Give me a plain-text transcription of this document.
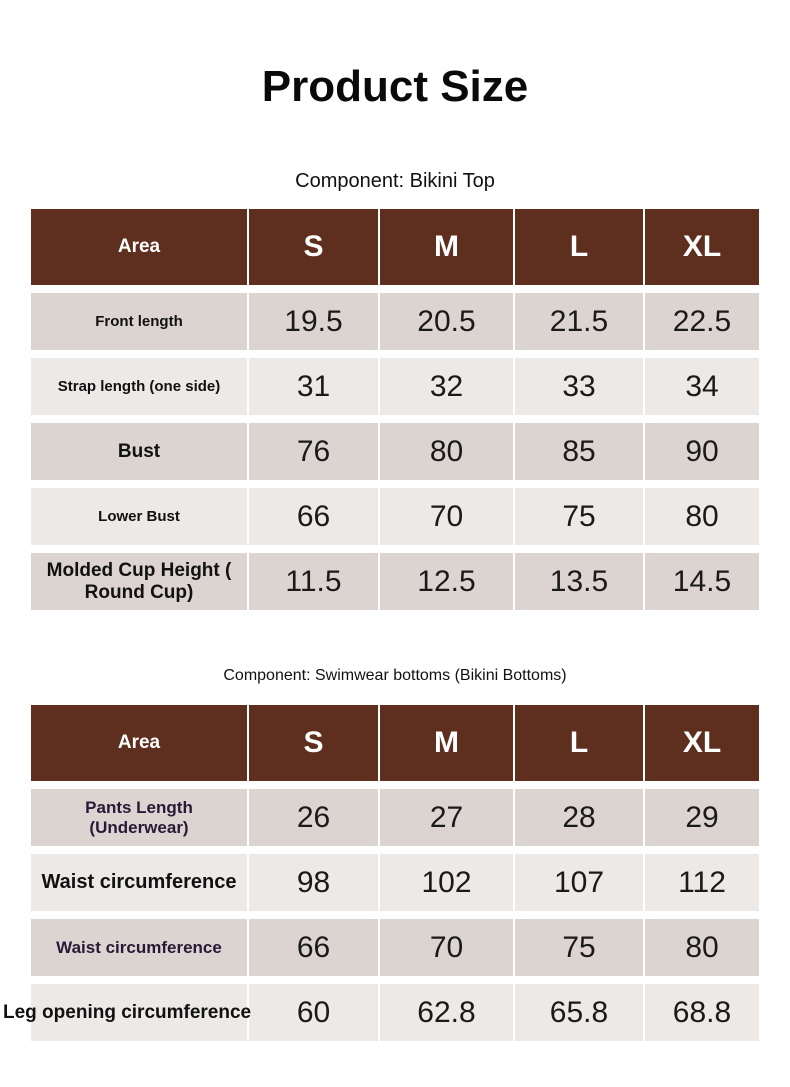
Product Size
Component: Bikini Top
Area	S	M	L	XL

Front length	19.5	20.5	21.5	22.5

Strap length (one side)	31	32	33	34

Bust	76	80	85	90

Lower Bust	66	70	75	80

Molded Cup Height ( Round Cup)	11.5	12.5	13.5	14.5
Component: Swimwear bottoms (Bikini Bottoms)
Area	S	M	L	XL

Pants Length (Underwear)	26	27	28	29

Waist circumference	98	102	107	112

Waist circumference	66	70	75	80

Leg opening circumference	60	62.8	65.8	68.8
